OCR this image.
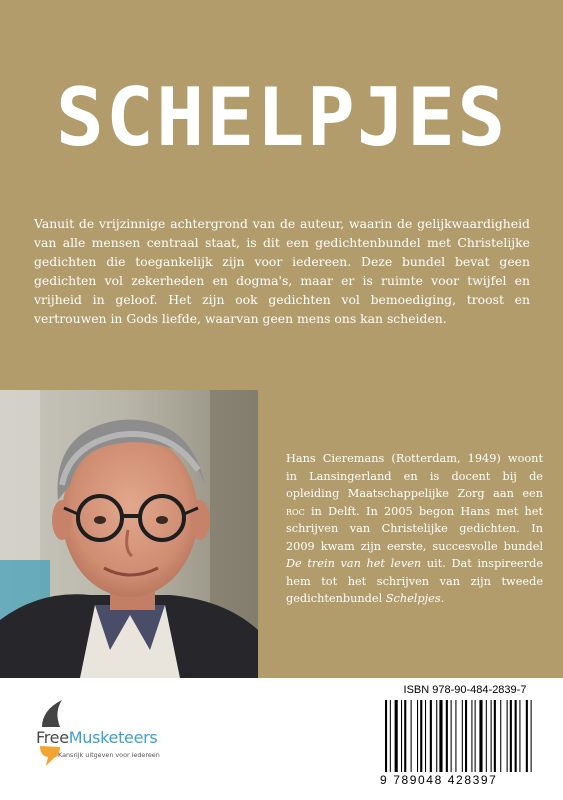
SCHELPJES

Vanuit de vrijzinnige achtergrond van de auteur, waarin de gelijkwaardigheid van alle mensen centraal staat, is dit een gedichtenbundel met Christelijke gedichten die toegankelijk zijn voor iedereen. Deze bundel bevat geen gedichten vol zekerheden en dogma's, maar er is ruimte voor twijfel en vrijheid in geloof. Het zijn ook gedichten vol bemoediging, troost en vertrouwen in Gods liefde, waarvan geen mens ons kan scheiden.

Hans Cieremans (Rotterdam, 1949) woont in Lansingerland en is docent bij de opleiding Maatschappelijke Zorg aan een roc in Delft. In 2005 begon Hans met het schrijven van Christelijke gedichten. In 2009 kwam zijn eerste, succesvolle bundel De trein van het leven uit. Dat inspireerde hem tot het schrijven van zijn tweede gedichtenbundel Schelpjes.

FreeMusketeers
Kansrijk uitgeven voor iedereen
ISBN 978-90-484-2839-7
9 789048 428397
